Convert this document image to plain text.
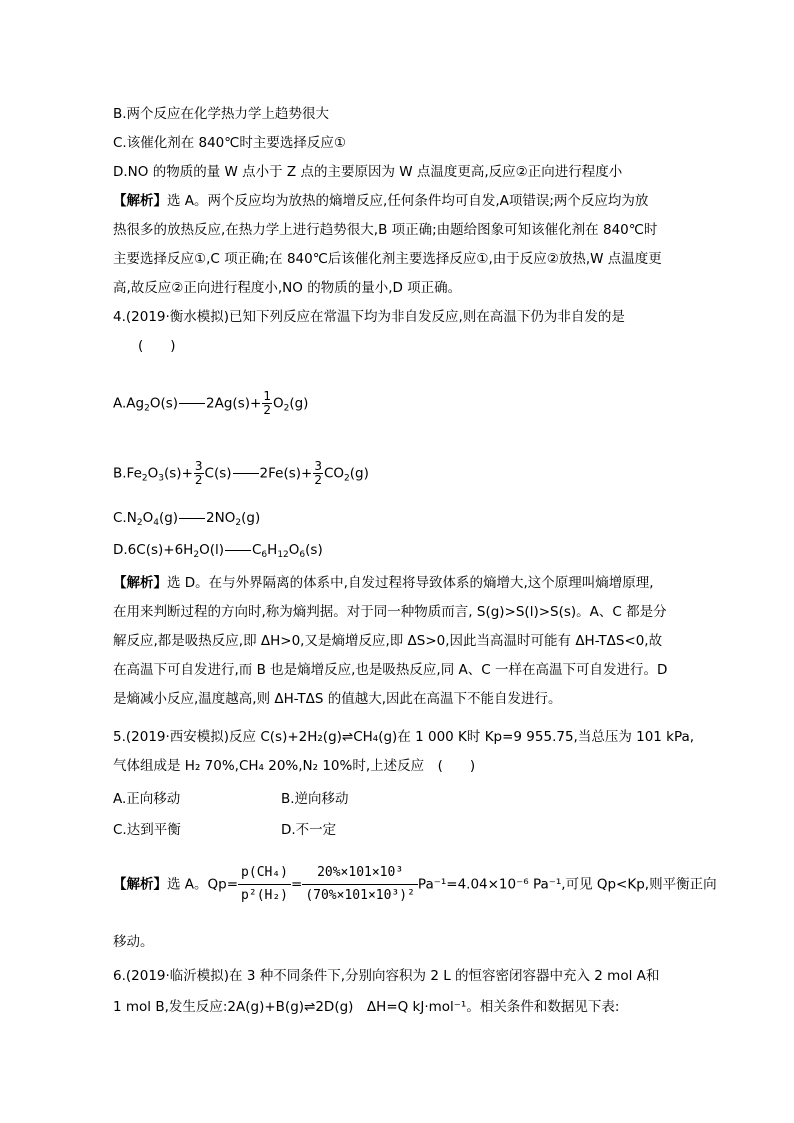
B.两个反应在化学热力学上趋势很大
C.该催化剂在 840℃时主要选择反应①
D.NO 的物质的量 W 点小于 Z 点的主要原因为 W 点温度更高,反应②正向进行程度小
【解析】选 A。两个反应均为放热的熵增反应,任何条件均可自发,A项错误;两个反应均为放
热很多的放热反应,在热力学上进行趋势很大,B 项正确;由题给图象可知该催化剂在 840℃时
主要选择反应①,C 项正确;在 840℃后该催化剂主要选择反应①,由于反应②放热,W 点温度更
高,故反应②正向进行程度小,NO 的物质的量小,D 项正确。
4.(2019·衡水模拟)已知下列反应在常温下均为非自发反应,则在高温下仍为非自发的是
(　　)
$A.Ag_2O(s)$ $2Ag(s)+ \frac{1}{2} O_2(g)$
$B.Fe_2O_3(s)+ \frac{3}{2} C(s)$ $2Fe(s)+ \frac{3}{2} CO_2(g)$
$C.N_2O_4(g)$ $2NO_2(g)$
$D.6C(s)+6H_2O(l)$ $C_6H_{12}O_6(s)$
【解析】选 D。在与外界隔离的体系中,自发过程将导致体系的熵增大,这个原理叫熵增原理,
在用来判断过程的方向时,称为熵判据。对于同一种物质而言, S(g)>S(l)>S(s)。A、C 都是分
解反应,都是吸热反应,即 ΔH>0,又是熵增反应,即 ΔS>0,因此当高温时可能有 ΔH-TΔS<0,故
在高温下可自发进行,而 B 也是熵增反应,也是吸热反应,同 A、C 一样在高温下可自发进行。D
是熵减小反应,温度越高,则 ΔH-TΔS 的值越大,因此在高温下不能自发进行。
5.(2019·西安模拟)反应 C(s)+2H₂(g)⇌CH₄(g)在 1 000 K时 Kp=9 955.75,当总压为 101 kPa,
气体组成是 H₂ 70%,CH₄ 20%,N₂ 10%时,上述反应　(　　)
A.正向移动	B.逆向移动
C.达到平衡	D.不一定
【解析】选 A。$Qp= \frac{\text{p(CH₄)}}{\text{p²(H₂)}} = \frac{\text{20\%×101×10³}}{\text{(70\%×101×10³)²}} Pa^{-1}=4.04\times 10^{-6}$ Pa⁻¹,可见 Qp<Kp,则平衡正向
移动。
6.(2019·临沂模拟)在 3 种不同条件下,分别向容积为 2 L 的恒容密闭容器中充入 2 mol A和
1 mol B,发生反应:2A(g)+B(g)⇌2D(g)　ΔH=Q kJ·mol⁻¹。相关条件和数据见下表:
